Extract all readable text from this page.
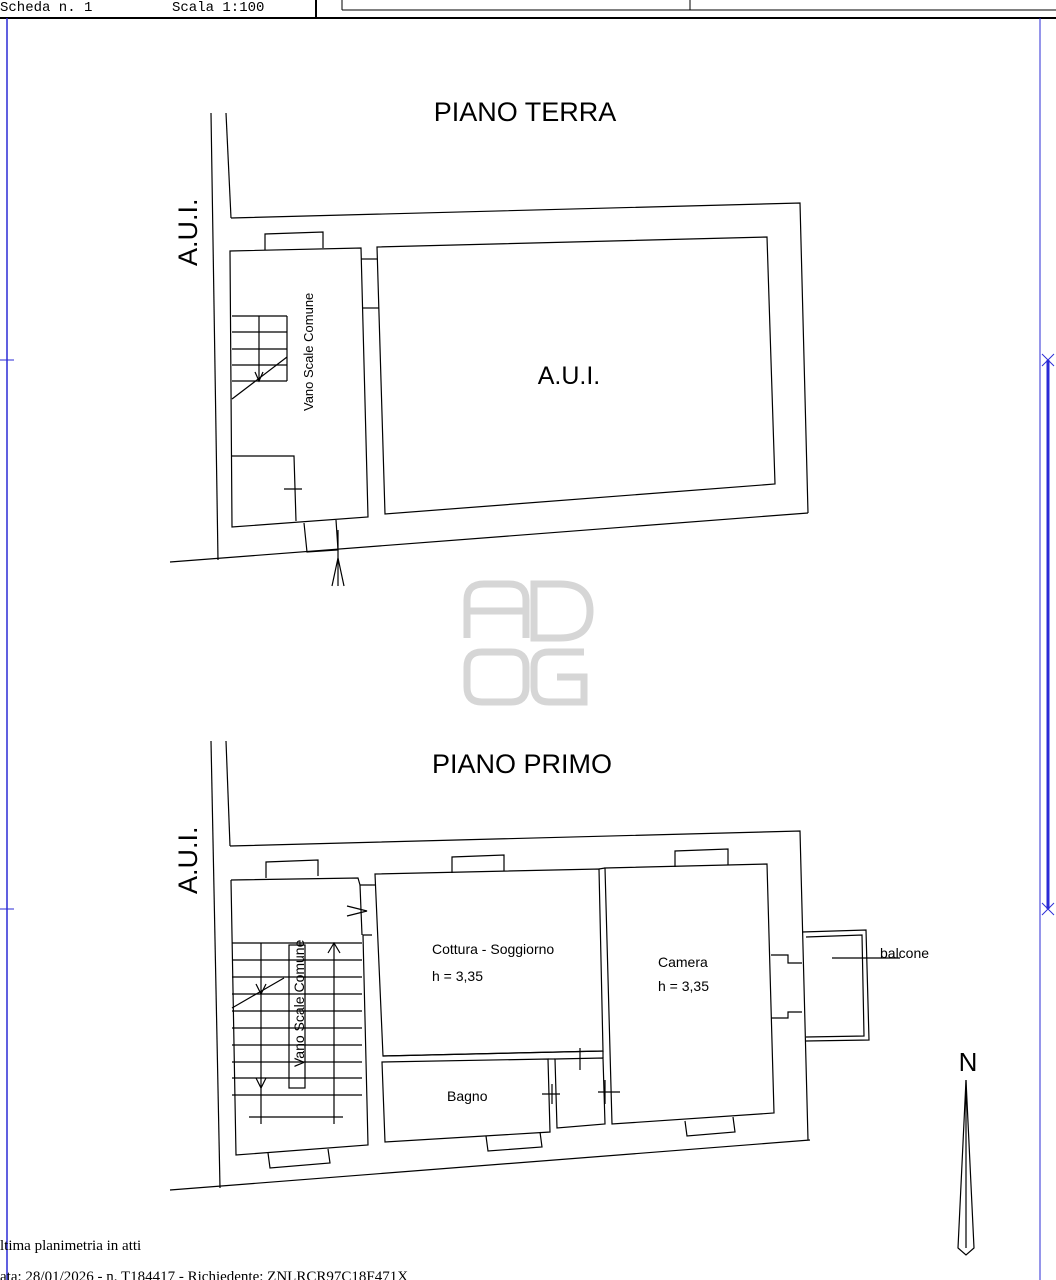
Scheda n. 1	Scala 1:100
PIANO TERRA
A.U.I.
A.U.I.
Vano Scale Comune
PIANO PRIMO
A.U.I.
Vano Scale Comune	Cottura - Soggiorno
h = 3,35
Camera
h = 3,35
Bagno
balcone
N
ltima planimetria in atti
ata: 28/01/2026 - n. T184417 - Richiedente: ZNLRCR97C18F471X
